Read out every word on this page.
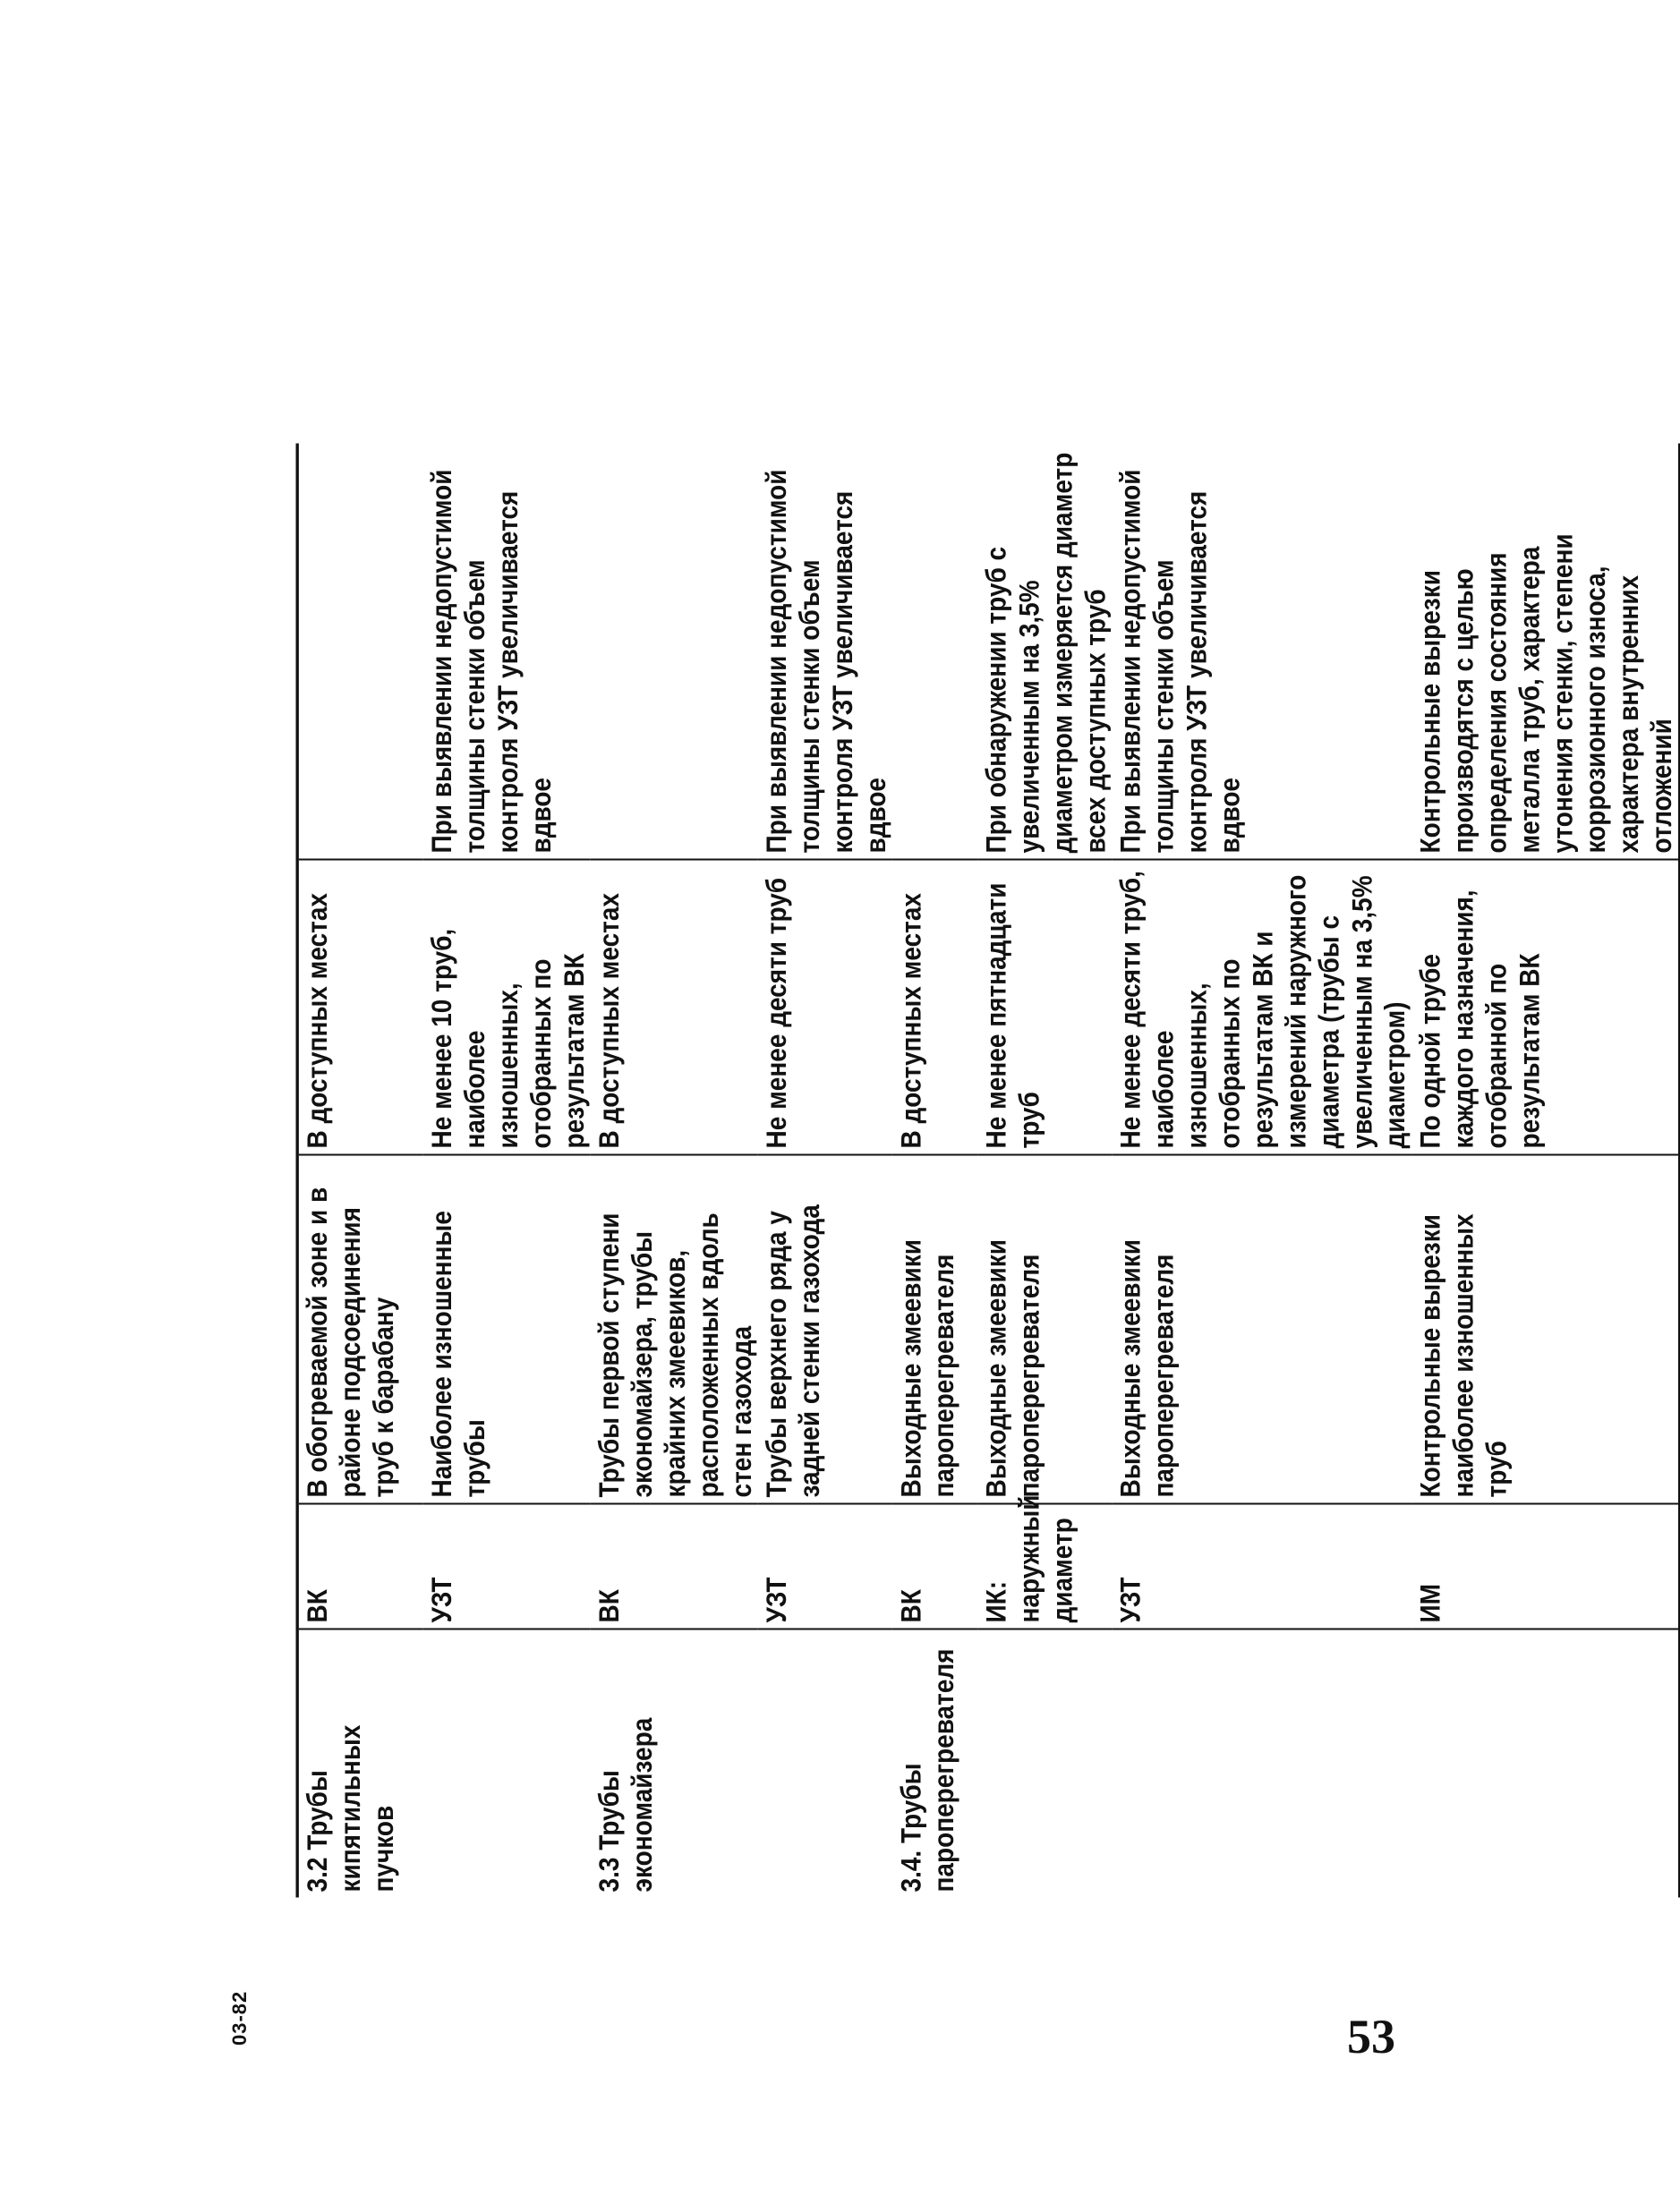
3.2 Трубы кипятильных пучков	ВК	В обогреваемой зоне и в районе подсоединения труб к барабану	В доступных местах	
	УЗТ	Наиболее изношенные трубы	Не менее 10 труб, наиболее изношенных, отобранных по результатам ВК	При выявлении недопустимой толщины стенки объем контроля УЗТ увеличивается вдвое
3.3 Трубы экономайзера	ВК	Трубы первой ступени экономайзера, трубы крайних змеевиков, расположенных вдоль стен газохода	В доступных местах	
	УЗТ	Трубы верхнего ряда у задней стенки газохода	Не менее десяти труб	При выявлении недопустимой толщины стенки объем контроля УЗТ увеличивается вдвое
3.4. Трубы пароперегревателя	ВК	Выходные змеевики пароперегревателя	В доступных местах	
	ИК: наружный диаметр	Выходные змеевики пароперегревателя	Не менее пятнадцати труб	При обнаружении труб с увеличенным на 3,5% диаметром измеряется диаметр всех доступных труб
	УЗТ	Выходные змеевики пароперегревателя	Не менее десяти труб, наиболее изношенных, отобранных по результатам ВК и измерений наружного диаметра (трубы с увеличенным на 3,5% диаметром)	При выявлении недопустимой толщины стенки объем контроля УЗТ увеличивается вдвое
	ИМ	Контрольные вырезки наиболее изношенных труб	По одной трубе каждого назначения, отобранной по результатам ВК	Контрольные вырезки производятся с целью определения состояния металла труб, характера утонения стенки, степени коррозионного износа, характера внутренних отложений
03-82	53
